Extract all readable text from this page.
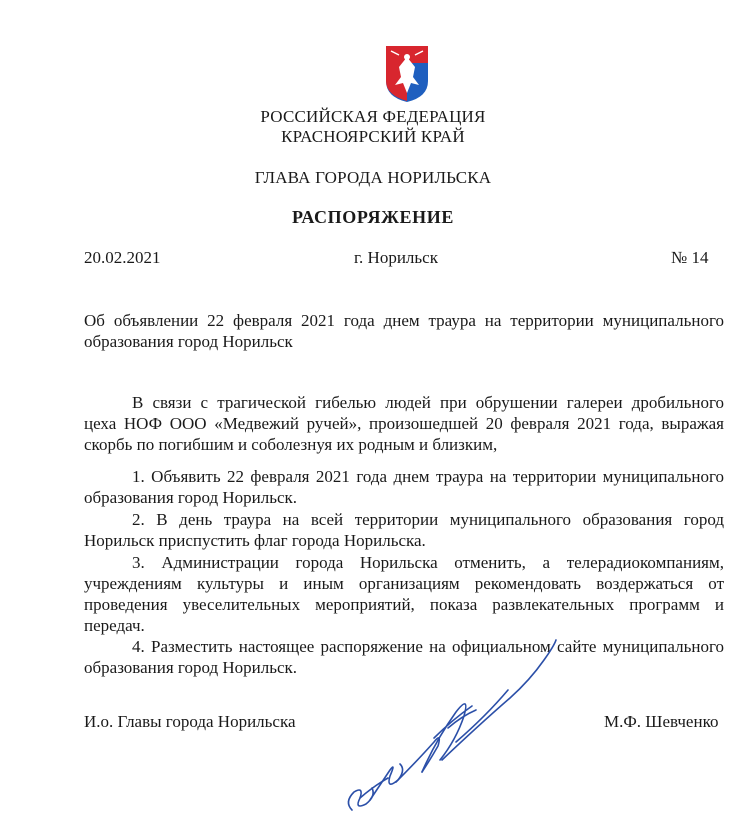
РОССИЙСКАЯ ФЕДЕРАЦИЯ
КРАСНОЯРСКИЙ КРАЙ
ГЛАВА ГОРОДА НОРИЛЬСКА
РАСПОРЯЖЕНИЕ
20.02.2021	г. Норильск	№ 14
Об объявлении 22 февраля 2021 года днем траура на территории муниципального
образования город Норильск
В связи с трагической гибелью людей при обрушении галереи дробильного
цеха НОФ ООО «Медвежий ручей», произошедшей 20 февраля 2021 года, выражая
скорбь по погибшим и соболезнуя их родным и близким,
1. Объявить 22 февраля 2021 года днем траура на территории муниципального
образования город Норильск.
2. В день траура на всей территории муниципального образования город
Норильск приспустить флаг города Норильска.
3. Администрации города Норильска отменить, а телерадиокомпаниям,
учреждениям культуры и иным организациям рекомендовать воздержаться от
проведения увеселительных мероприятий, показа развлекательных программ и
передач.
4. Разместить настоящее распоряжение на официальном сайте муниципального
образования город Норильск.
И.о. Главы города Норильска	М.Ф. Шевченко
